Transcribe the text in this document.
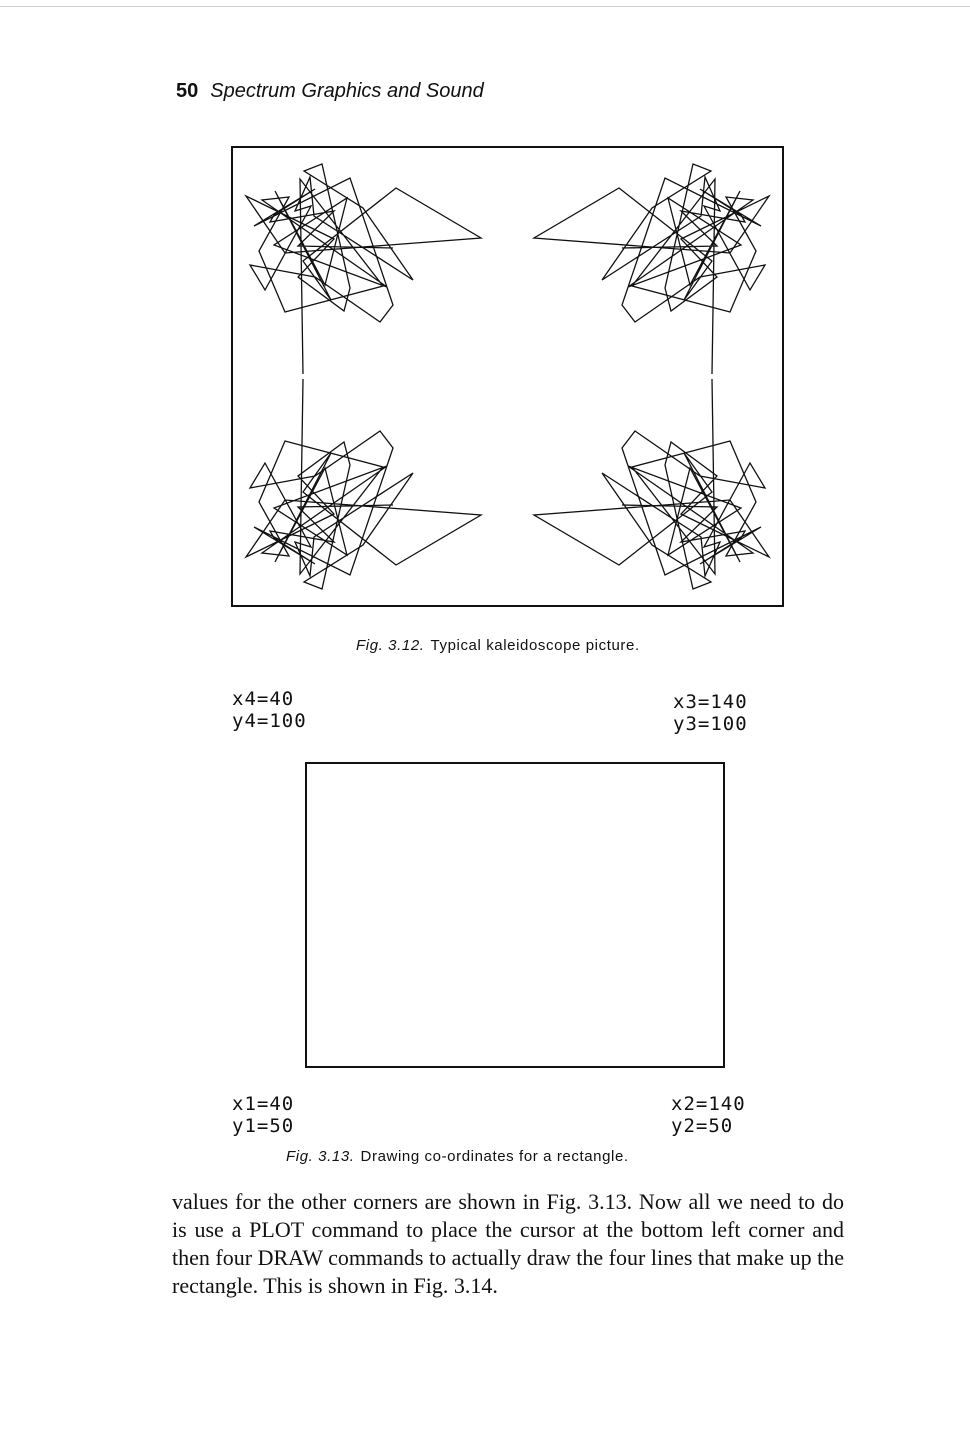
50 Spectrum Graphics and Sound
Fig. 3.12. Typical kaleidoscope picture.
x4=40
y4=100
x3=140
y3=100
x1=40
y1=50
x2=140
y2=50
Fig. 3.13. Drawing co-ordinates for a rectangle.

values for the other corners are shown in Fig. 3.13. Now all we need to do is use a PLOT command to place the cursor at the bottom left corner and then four DRAW commands to actually draw the four lines that make up the rectangle. This is shown in Fig. 3.14.
